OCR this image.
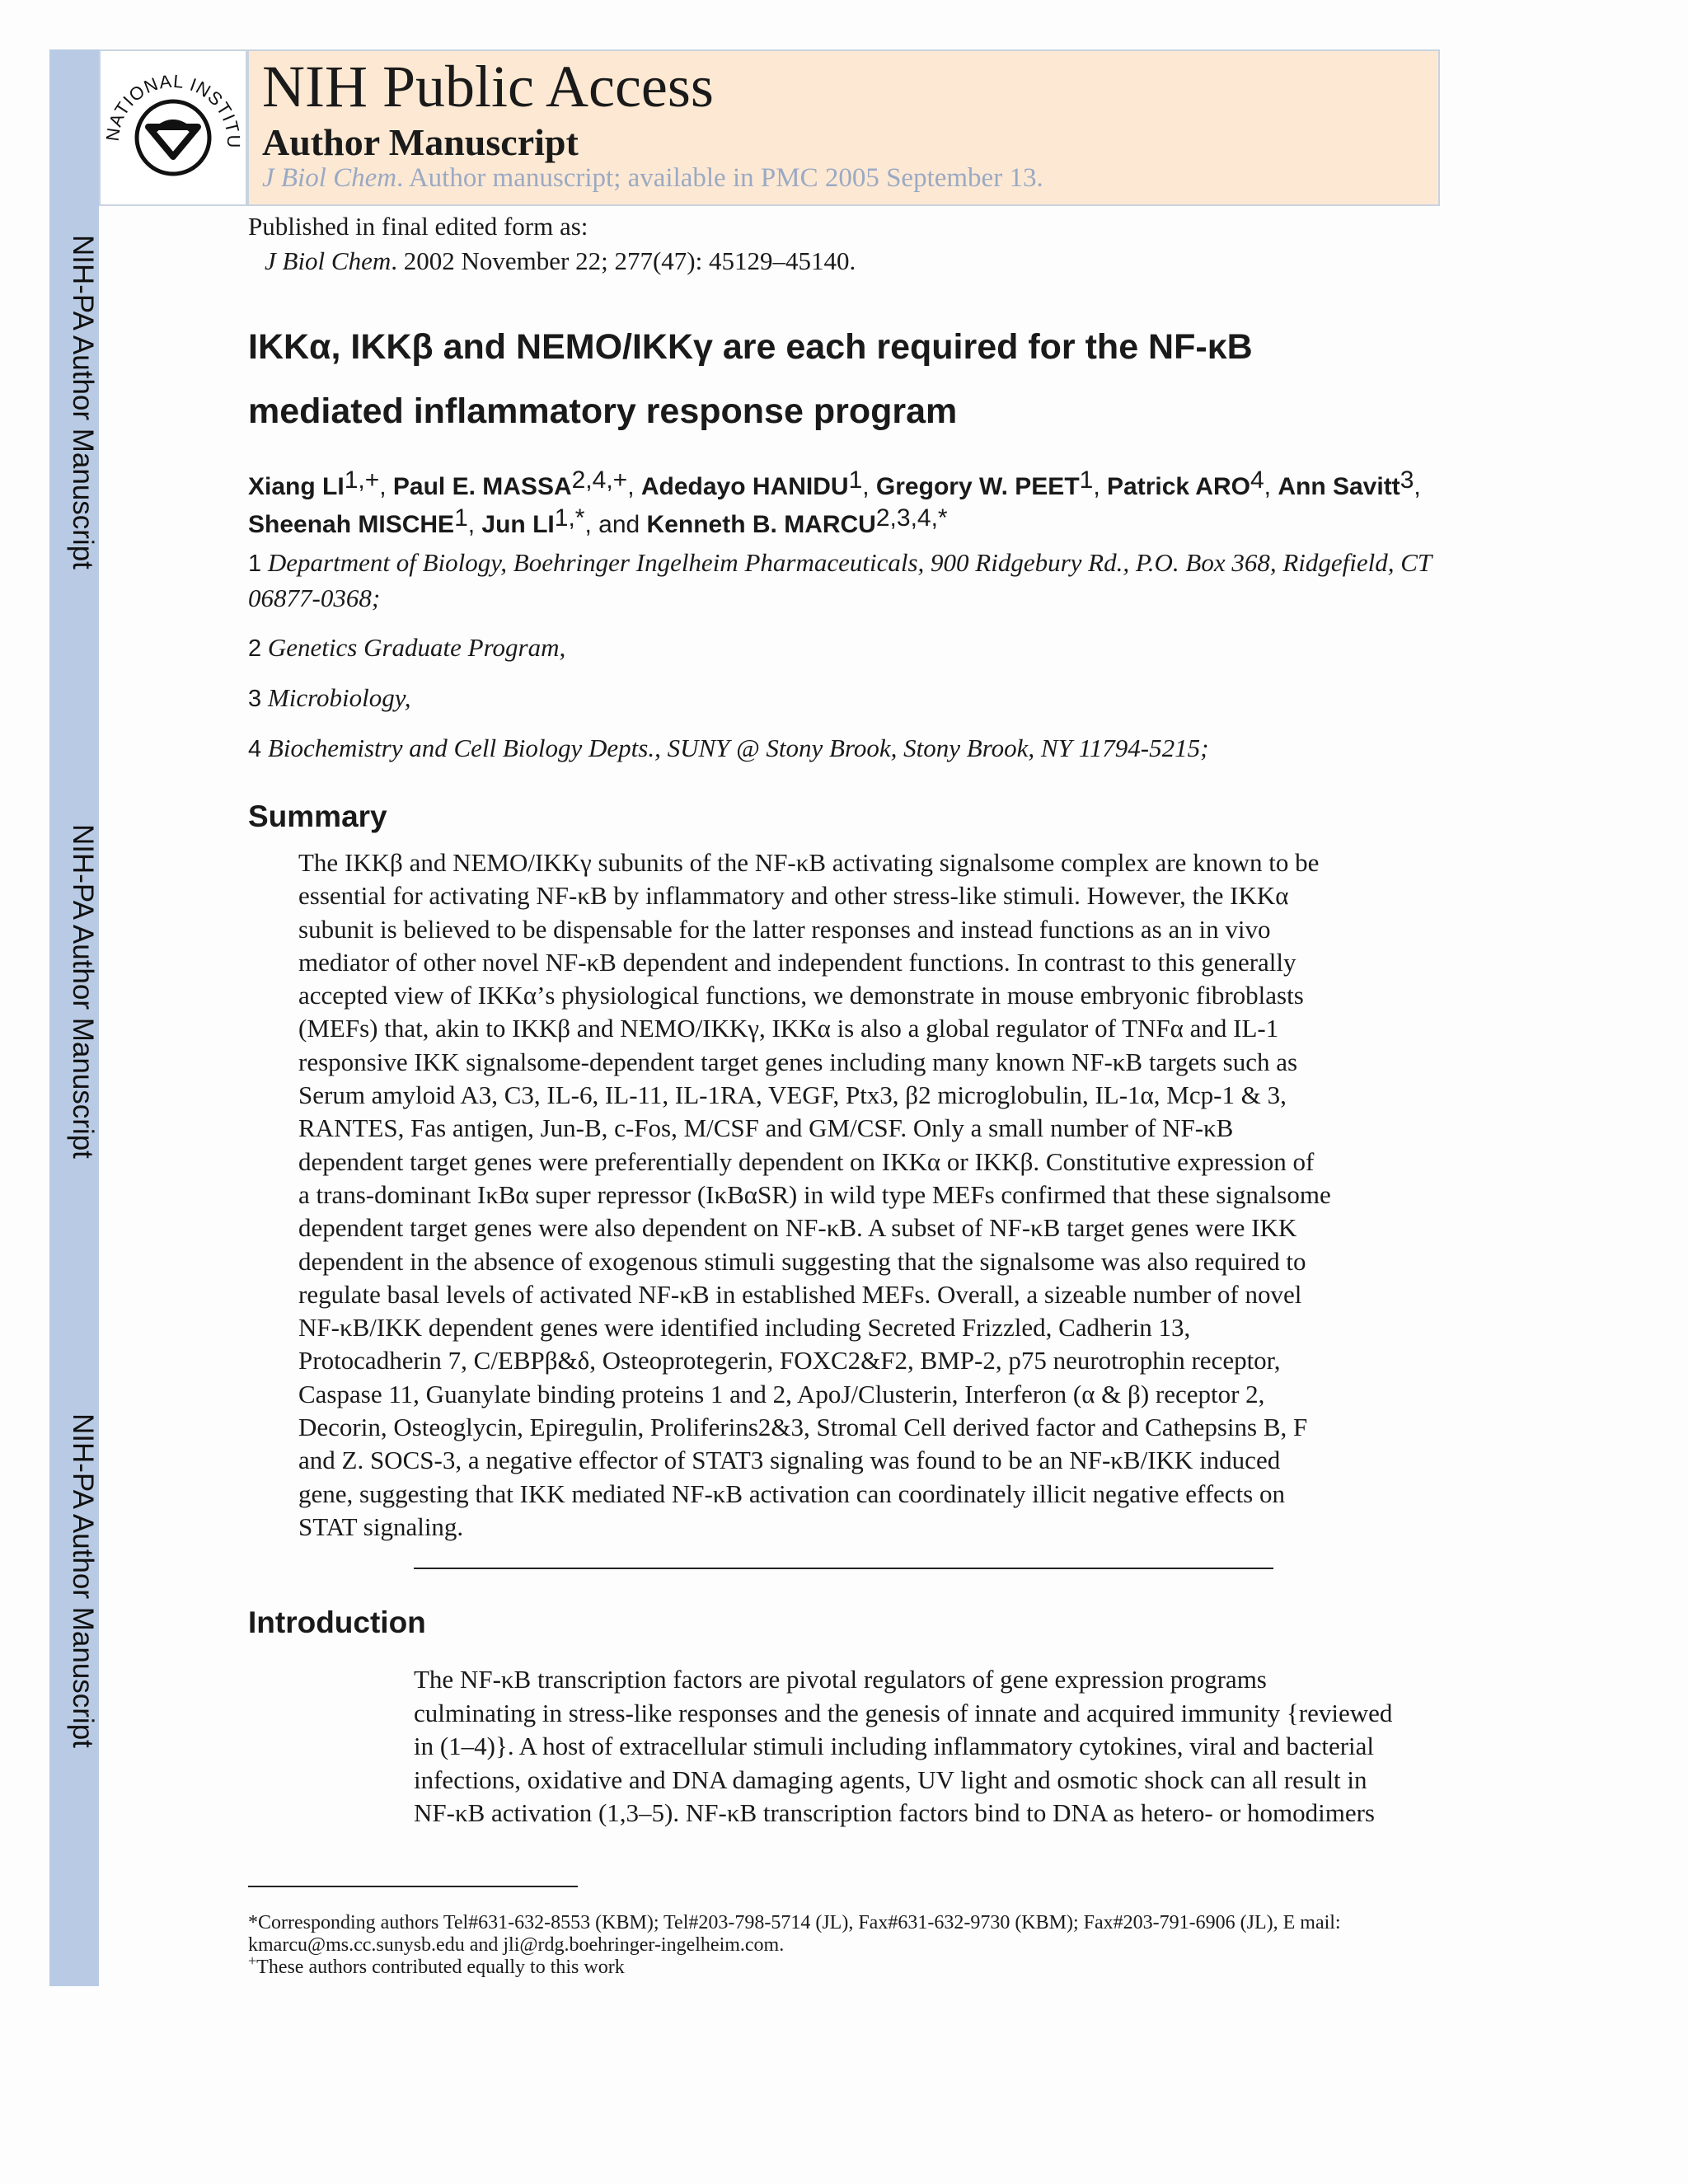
NIH-PA Author Manuscript
NIH-PA Author Manuscript
NIH-PA Author Manuscript
NATIONAL INSTITU
NIH Public Access
Author Manuscript
J Biol Chem. Author manuscript; available in PMC 2005 September 13.
Published in final edited form as:
J Biol Chem. 2002 November 22; 277(47): 45129–45140.
IKKα, IKKβ and NEMO/IKKγ are each required for the NF-κB
mediated inflammatory response program
Xiang $LI^{1,+}$, Paul E. $MASSA^{2,4,+}$, Adedayo HANIDU$^1$, Gregory W. PEET$^1$, Patrick ARO$^4$, Ann Savitt$^3$, Sheenah MISCHE$^1$, Jun $LI^{1,*}$, and Kenneth B. $MARCU^{2,3,4,*}$
1 Department of Biology, Boehringer Ingelheim Pharmaceuticals, 900 Ridgebury Rd., P.O. Box 368, Ridgefield, CT 06877-0368;
2 Genetics Graduate Program,
3 Microbiology,
4 Biochemistry and Cell Biology Depts., SUNY @ Stony Brook, Stony Brook, NY 11794-5215;
Summary
The IKKβ and NEMO/IKKγ subunits of the NF-κB activating signalsome complex are known to be
essential for activating NF-κB by inflammatory and other stress-like stimuli. However, the IKKα
subunit is believed to be dispensable for the latter responses and instead functions as an in vivo
mediator of other novel NF-κB dependent and independent functions. In contrast to this generally
accepted view of IKKα’s physiological functions, we demonstrate in mouse embryonic fibroblasts
(MEFs) that, akin to IKKβ and NEMO/IKKγ, IKKα is also a global regulator of TNFα and IL-1
responsive IKK signalsome-dependent target genes including many known NF-κB targets such as
Serum amyloid A3, C3, IL-6, IL-11, IL-1RA, VEGF, Ptx3, β2 microglobulin, IL-1α, Mcp-1 & 3,
RANTES, Fas antigen, Jun-B, c-Fos, M/CSF and GM/CSF. Only a small number of NF-κB
dependent target genes were preferentially dependent on IKKα or IKKβ. Constitutive expression of
a trans-dominant IκBα super repressor (IκBαSR) in wild type MEFs confirmed that these signalsome
dependent target genes were also dependent on NF-κB. A subset of NF-κB target genes were IKK
dependent in the absence of exogenous stimuli suggesting that the signalsome was also required to
regulate basal levels of activated NF-κB in established MEFs. Overall, a sizeable number of novel
NF-κB/IKK dependent genes were identified including Secreted Frizzled, Cadherin 13,
Protocadherin 7, C/EBPβ&δ, Osteoprotegerin, FOXC2&F2, BMP-2, p75 neurotrophin receptor,
Caspase 11, Guanylate binding proteins 1 and 2, ApoJ/Clusterin, Interferon (α & β) receptor 2,
Decorin, Osteoglycin, Epiregulin, Proliferins2&3, Stromal Cell derived factor and Cathepsins B, F
and Z. SOCS-3, a negative effector of STAT3 signaling was found to be an NF-κB/IKK induced
gene, suggesting that IKK mediated NF-κB activation can coordinately illicit negative effects on
STAT signaling.
Introduction
The NF-κB transcription factors are pivotal regulators of gene expression programs
culminating in stress-like responses and the genesis of innate and acquired immunity {reviewed
in (1–4)}. A host of extracellular stimuli including inflammatory cytokines, viral and bacterial
infections, oxidative and DNA damaging agents, UV light and osmotic shock can all result in
NF-κB activation (1,3–5). NF-κB transcription factors bind to DNA as hetero- or homodimers
*Corresponding authors Tel#631-632-8553 (KBM); Tel#203-798-5714 (JL), Fax#631-632-9730 (KBM); Fax#203-791-6906 (JL), E mail: kmarcu@ms.cc.sunysb.edu and jli@rdg.boehringer-ingelheim.com.
+These authors contributed equally to this work
